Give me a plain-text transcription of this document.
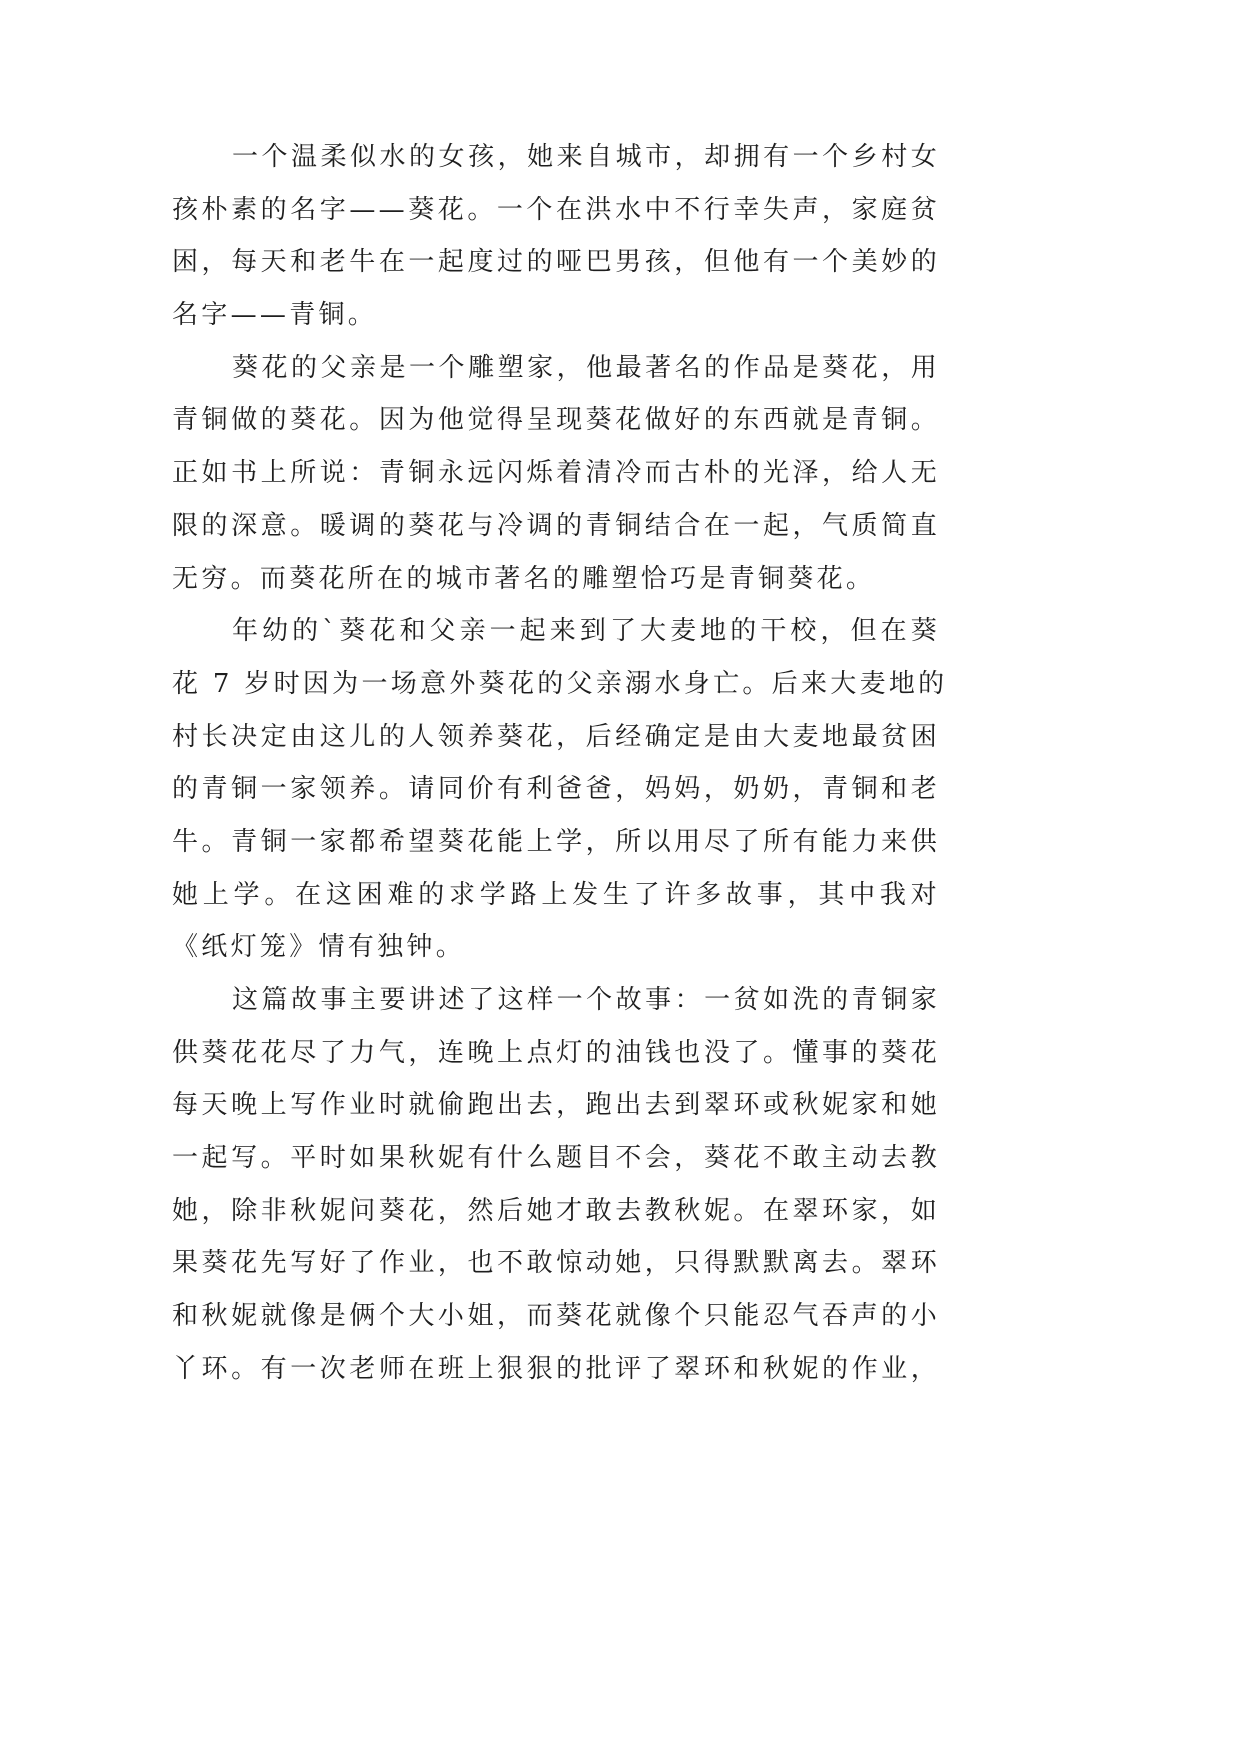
一个温柔似水的女孩，她来自城市，却拥有一个乡村女
孩朴素的名字——葵花。一个在洪水中不行幸失声，家庭贫
困，每天和老牛在一起度过的哑巴男孩，但他有一个美妙的
名字——青铜。
葵花的父亲是一个雕塑家，他最著名的作品是葵花，用
青铜做的葵花。因为他觉得呈现葵花做好的东西就是青铜。
正如书上所说：青铜永远闪烁着清冷而古朴的光泽，给人无
限的深意。暖调的葵花与冷调的青铜结合在一起，气质简直
无穷。而葵花所在的城市著名的雕塑恰巧是青铜葵花。
年幼的`葵花和父亲一起来到了大麦地的干校，但在葵
花 7 岁时因为一场意外葵花的父亲溺水身亡。后来大麦地的
村长决定由这儿的人领养葵花，后经确定是由大麦地最贫困
的青铜一家领养。请同价有利爸爸，妈妈，奶奶，青铜和老
牛。青铜一家都希望葵花能上学，所以用尽了所有能力来供
她上学。在这困难的求学路上发生了许多故事，其中我对
《纸灯笼》情有独钟。
这篇故事主要讲述了这样一个故事：一贫如洗的青铜家
供葵花花尽了力气，连晚上点灯的油钱也没了。懂事的葵花
每天晚上写作业时就偷跑出去，跑出去到翠环或秋妮家和她
一起写。平时如果秋妮有什么题目不会，葵花不敢主动去教
她，除非秋妮问葵花，然后她才敢去教秋妮。在翠环家，如
果葵花先写好了作业，也不敢惊动她，只得默默离去。翠环
和秋妮就像是俩个大小姐，而葵花就像个只能忍气吞声的小
丫环。有一次老师在班上狠狠的批评了翠环和秋妮的作业，
